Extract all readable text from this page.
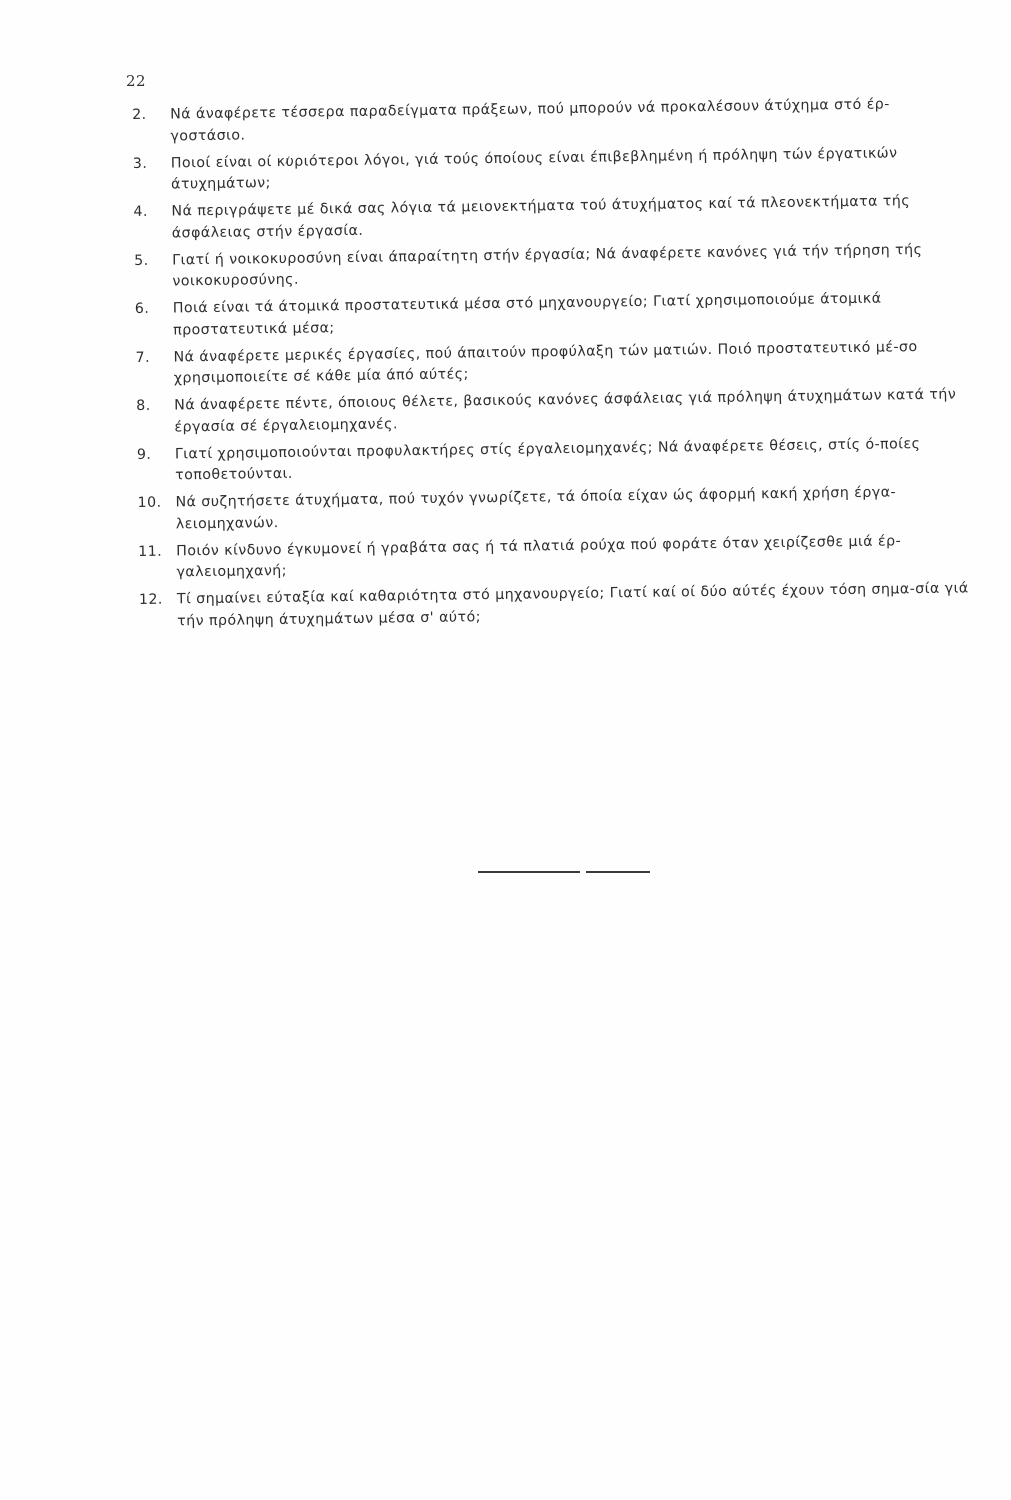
22
2.	Νά άναφέρετε τέσσερα παραδείγματα πράξεων, πού μπορούν νά προκαλέσουν άτύχημα στό έρ-γοστάσιο.
3.	Ποιοί είναι οί κυριότεροι λόγοι, γιά τούς όποίους είναι έπιβεβλημένη ή πρόληψη τών έργατικών άτυχημάτων;
4.	Νά περιγράψετε μέ δικά σας λόγια τά μειονεκτήματα τού άτυχήματος καί τά πλεονεκτήματα τής άσφάλειας στήν έργασία.
5.	Γιατί ή νοικοκυροσύνη είναι άπαραίτητη στήν έργασία; Νά άναφέρετε κανόνες γιά τήν τήρηση τής νοικοκυροσύνης.
6.	Ποιά είναι τά άτομικά προστατευτικά μέσα στό μηχανουργείο; Γιατί χρησιμοποιούμε άτομικά προστατευτικά μέσα;
7.	Νά άναφέρετε μερικές έργασίες, πού άπαιτούν προφύλαξη τών ματιών. Ποιό προστατευτικό μέ-σο χρησιμοποιείτε σέ κάθε μία άπό αύτές;
8.	Νά άναφέρετε πέντε, όποιους θέλετε, βασικούς κανόνες άσφάλειας γιά πρόληψη άτυχημάτων κατά τήν έργασία σέ έργαλειομηχανές.
9.	Γιατί χρησιμοποιούνται προφυλακτήρες στίς έργαλειομηχανές; Νά άναφέρετε θέσεις, στίς ό-ποίες τοποθετούνται.
10. Νά συζητήσετε άτυχήματα, πού τυχόν γνωρίζετε, τά όποία είχαν ώς άφορμή κακή χρήση έργα-λειομηχανών.
11. Ποιόν κίνδυνο έγκυμονεί ή γραβάτα σας ή τά πλατιά ρούχα πού φοράτε όταν χειρίζεσθε μιά έρ-γαλειομηχανή;
12. Τί σημαίνει εύταξία καί καθαριότητα στό μηχανουργείο; Γιατί καί οί δύο αύτές έχουν τόση σημα-σία γιά τήν πρόληψη άτυχημάτων μέσα σ' αύτό;
